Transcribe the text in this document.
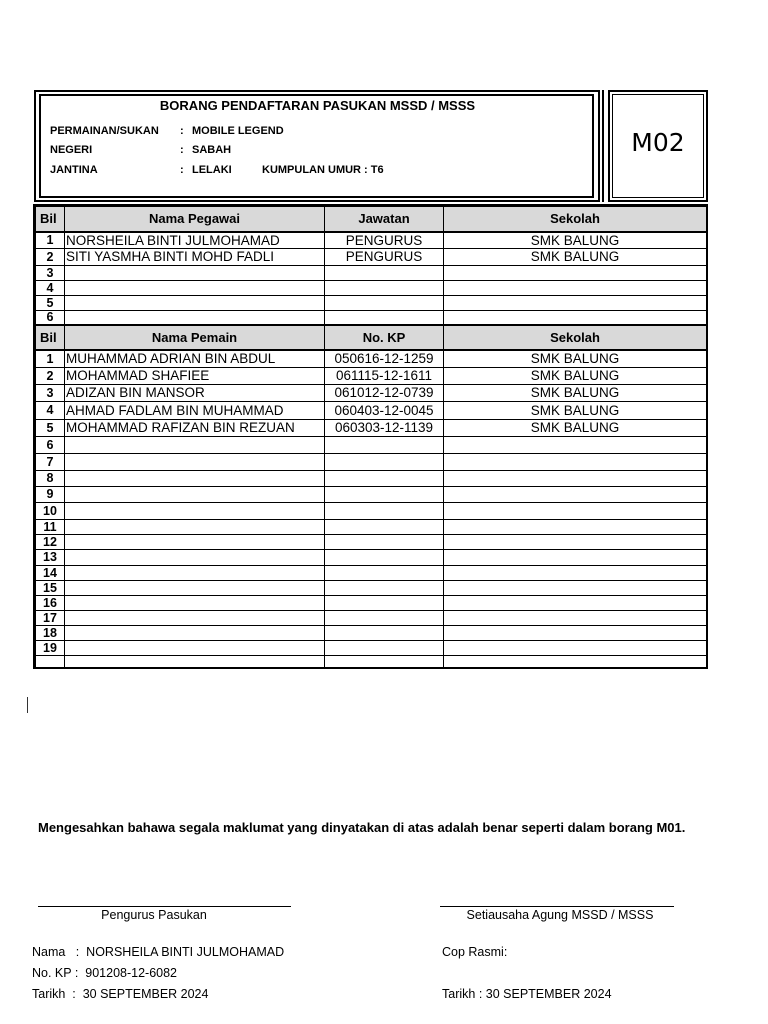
M02
BORANG PENDAFTARAN PASUKAN MSSD / MSSS
PERMAINAN/SUKAN : MOBILE LEGEND
NEGERI	: SABAH
JANTINA	: LELAKI	KUMPULAN UMUR : T6
Bil	Nama Pegawai	Jawatan	Sekolah
1	NORSHEILA BINTI JULMOHAMAD	PENGURUS	SMK BALUNG
2	SITI YASMHA BINTI MOHD FADLI	PENGURUS	SMK BALUNG
3			
4			
5			
6			
Bil	Nama Pemain	No. KP	Sekolah
1	MUHAMMAD ADRIAN BIN ABDUL	050616-12-1259	SMK BALUNG
2	MOHAMMAD SHAFIEE	061115-12-1611	SMK BALUNG
3	ADIZAN BIN MANSOR	061012-12-0739	SMK BALUNG
4	AHMAD FADLAM BIN MUHAMMAD	060403-12-0045	SMK BALUNG
5	MOHAMMAD RAFIZAN BIN REZUAN	060303-12-1139	SMK BALUNG
6			
7			
8			
9			
10			
11			
12			
13			
14			
15			
16			
17			
18			
19			

Mengesahkan bahawa segala maklumat yang dinyatakan di atas adalah benar seperti dalam borang M01.
Pengurus Pasukan	Setiausaha Agung MSSD / MSSS
Nama   :  NORSHEILA BINTI JULMOHAMAD
No. KP :  901208-12-6082
Tarikh  :  30 SEPTEMBER 2024
Cop Rasmi:
Tarikh : 30 SEPTEMBER 2024
